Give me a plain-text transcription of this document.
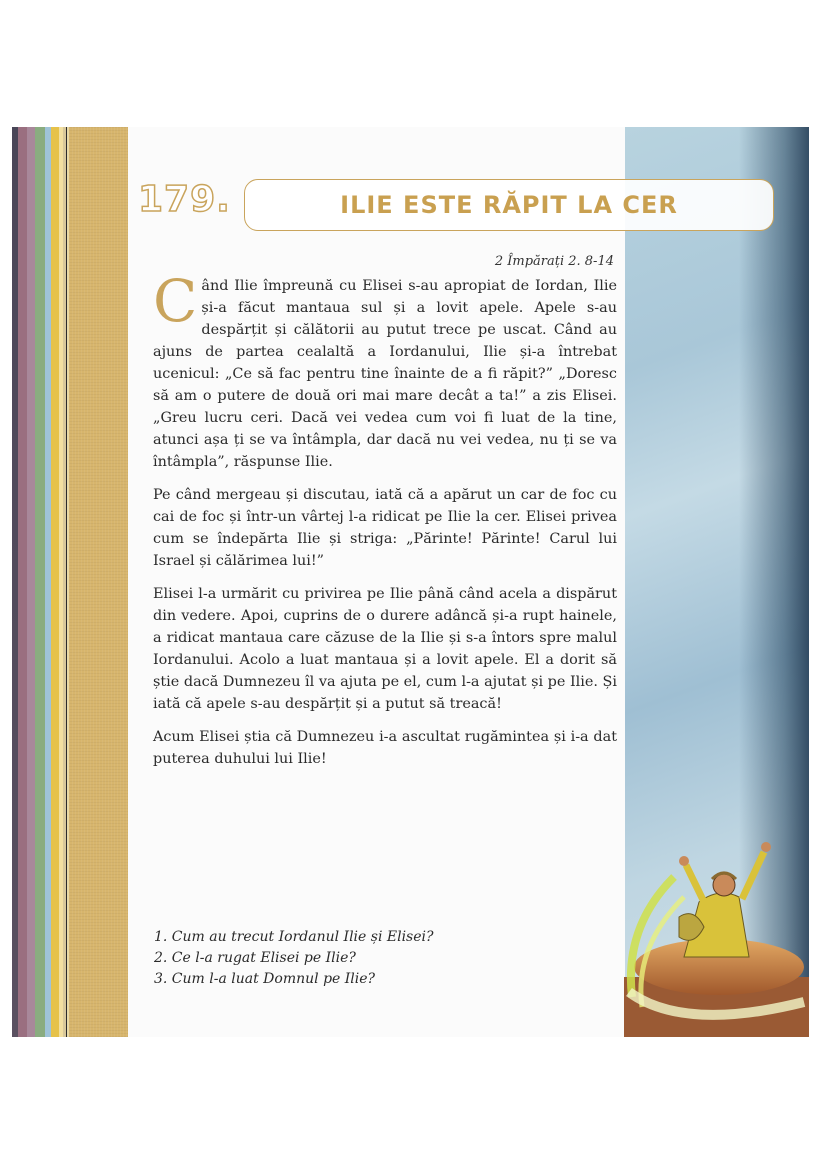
179.	ILIE ESTE RĂPIT LA CER
2 Împărați 2. 8-14

Când Ilie împreună cu Elisei s-au apropiat de Iordan, Ilie și-a făcut mantaua sul și a lovit apele. Apele s-au despărțit și călătorii au putut trece pe uscat. Când au ajuns de partea cealaltă a Iordanului, Ilie și-a întrebat ucenicul: „Ce să fac pentru tine înainte de a fi răpit?” „Doresc să am o putere de două ori mai mare decât a ta!” a zis Elisei. „Greu lucru ceri. Dacă vei vedea cum voi fi luat de la tine, atunci așa ți se va întâmpla, dar dacă nu vei vedea, nu ți se va întâmpla”, răspunse Ilie.

Pe când mergeau și discutau, iată că a apărut un car de foc cu cai de foc și într-un vârtej l-a ridicat pe Ilie la cer. Elisei privea cum se îndepărta Ilie și striga: „Părinte! Părinte! Carul lui Israel și călărimea lui!”

Elisei l-a urmărit cu privirea pe Ilie până când acela a dispărut din vedere. Apoi, cuprins de o durere adâncă și-a rupt hainele, a ridicat mantaua care căzuse de la Ilie și s-a întors spre malul Iordanului. Acolo a luat mantaua și a lovit apele. El a dorit să știe dacă Dumnezeu îl va ajuta pe el, cum l-a ajutat și pe Ilie. Și iată că apele s-au despărțit și a putut să treacă!

Acum Elisei știa că Dumnezeu i-a ascultat rugămintea și i-a dat puterea duhului lui Ilie!

1. Cum au trecut Iordanul Ilie și Elisei?
2. Ce l-a rugat Elisei pe Ilie?
3. Cum l-a luat Domnul pe Ilie?
